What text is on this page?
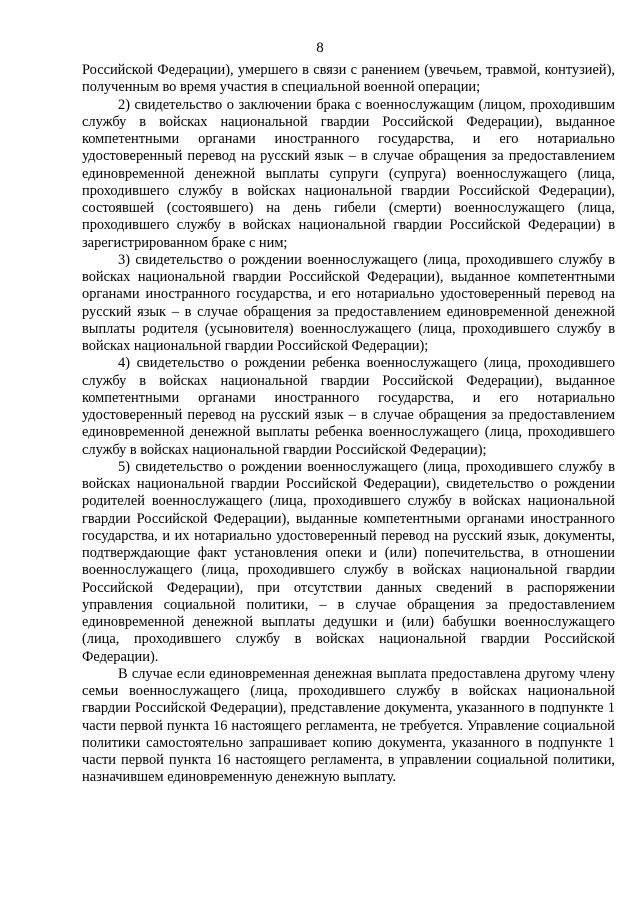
8

Российской Федерации), умершего в связи с ранением (увечьем, травмой, контузией), полученным во время участия в специальной военной операции;

2) свидетельство о заключении брака с военнослужащим (лицом, проходившим службу в войсках национальной гвардии Российской Федерации), выданное компетентными органами иностранного государства, и его нотариально удостоверенный перевод на русский язык – в случае обращения за предоставлением единовременной денежной выплаты супруги (супруга) военнослужащего (лица, проходившего службу в войсках национальной гвардии Российской Федерации), состоявшей (состоявшего) на день гибели (смерти) военнослужащего (лица, проходившего службу в войсках национальной гвардии Российской Федерации) в зарегистрированном браке с ним;

3) свидетельство о рождении военнослужащего (лица, проходившего службу в войсках национальной гвардии Российской Федерации), выданное компетентными органами иностранного государства, и его нотариально удостоверенный перевод на русский язык – в случае обращения за предоставлением единовременной денежной выплаты родителя (усыновителя) военнослужащего (лица, проходившего службу в войсках национальной гвардии Российской Федерации);

4) свидетельство о рождении ребенка военнослужащего (лица, проходившего службу в войсках национальной гвардии Российской Федерации), выданное компетентными органами иностранного государства, и его нотариально удостоверенный перевод на русский язык – в случае обращения за предоставлением единовременной денежной выплаты ребенка военнослужащего (лица, проходившего службу в войсках национальной гвардии Российской Федерации);

5) свидетельство о рождении военнослужащего (лица, проходившего службу в войсках национальной гвардии Российской Федерации), свидетельство о рождении родителей военнослужащего (лица, проходившего службу в войсках национальной гвардии Российской Федерации), выданные компетентными органами иностранного государства, и их нотариально удостоверенный перевод на русский язык, документы, подтверждающие факт установления опеки и (или) попечительства, в отношении военнослужащего (лица, проходившего службу в войсках национальной гвардии Российской Федерации), при отсутствии данных сведений в распоряжении управления социальной политики, – в случае обращения за предоставлением единовременной денежной выплаты дедушки и (или) бабушки военнослужащего (лица, проходившего службу в войсках национальной гвардии Российской Федерации).

В случае если единовременная денежная выплата предоставлена другому члену семьи военнослужащего (лица, проходившего службу в войсках национальной гвардии Российской Федерации), представление документа, указанного в подпункте 1 части первой пункта 16 настоящего регламента, не требуется. Управление социальной политики самостоятельно запрашивает копию документа, указанного в подпункте 1 части первой пункта 16 настоящего регламента, в управлении социальной политики, назначившем единовременную денежную выплату.
